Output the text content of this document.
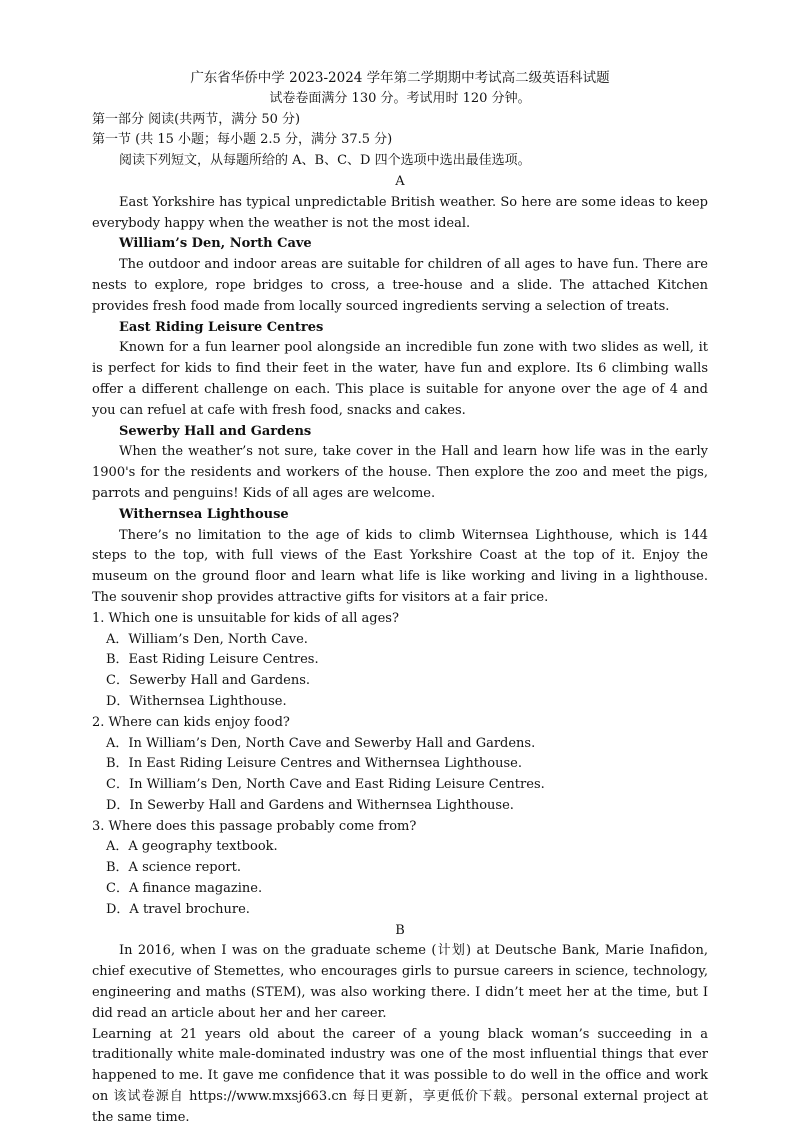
广东省华侨中学 2023-2024 学年第二学期期中考试高二级英语科试题
试卷卷面满分 130 分。考试用时 120 分钟。
第一部分 阅读(共两节，满分 50 分)
第一节 (共 15 小题；每小题 2.5 分，满分 37.5 分)
阅读下列短文，从每题所给的 A、B、C、D 四个选项中选出最佳选项。
A

East Yorkshire has typical unpredictable British weather. So here are some ideas to keep everybody happy when the weather is not the most ideal.

William’s Den, North Cave

The outdoor and indoor areas are suitable for children of all ages to have fun. There are nests to explore, rope bridges to cross, a tree-house and a slide. The attached Kitchen provides fresh food made from locally sourced ingredients serving a selection of treats.

East Riding Leisure Centres

Known for a fun learner pool alongside an incredible fun zone with two slides as well, it is perfect for kids to find their feet in the water, have fun and explore. Its 6 climbing walls offer a different challenge on each. This place is suitable for anyone over the age of 4 and you can refuel at cafe with fresh food, snacks and cakes.

Sewerby Hall and Gardens

When the weather’s not sure, take cover in the Hall and learn how life was in the early 1900's for the residents and workers of the house. Then explore the zoo and meet the pigs, parrots and penguins! Kids of all ages are welcome.

Withernsea Lighthouse

There’s no limitation to the age of kids to climb Witernsea Lighthouse, which is 144 steps to the top, with full views of the East Yorkshire Coast at the top of it. Enjoy the museum on the ground floor and learn what life is like working and living in a lighthouse. The souvenir shop provides attractive gifts for visitors at a fair price.

1. Which one is unsuitable for kids of all ages?
A．William’s Den, North Cave.
B．East Riding Leisure Centres.
C．Sewerby Hall and Gardens.
D．Withernsea Lighthouse.
2. Where can kids enjoy food?
A．In William’s Den, North Cave and Sewerby Hall and Gardens.
B．In East Riding Leisure Centres and Withernsea Lighthouse.
C．In William’s Den, North Cave and East Riding Leisure Centres.
D．In Sewerby Hall and Gardens and Withernsea Lighthouse.
3. Where does this passage probably come from?
A．A geography textbook.
B．A science report.
C．A finance magazine.
D．A travel brochure.
B

In 2016, when I was on the graduate scheme (计划) at Deutsche Bank, Marie Inafidon, chief executive of Stemettes, who encourages girls to pursue careers in science, technology, engineering and maths (STEM), was also working there. I didn’t meet her at the time, but I did read an article about her and her career.

Learning at 21 years old about the career of a young black woman’s succeeding in a traditionally white male-dominated industry was one of the most influential things that ever happened to me. It gave me confidence that it was possible to do well in the office and work on 该试卷源自 https://www.mxsj663.cn 每日更新，享更低价下载。personal external project at the same time.
